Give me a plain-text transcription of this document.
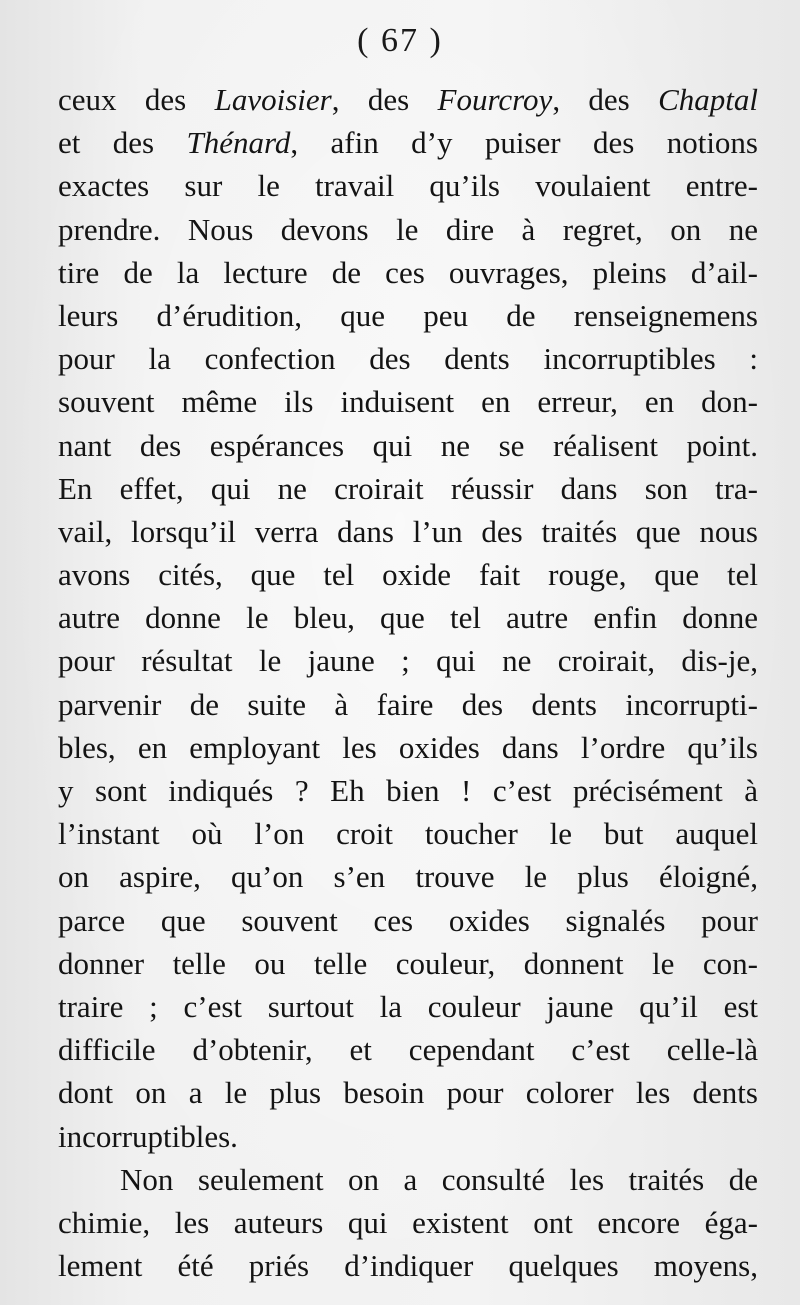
( 67 )
ceux des Lavoisier, des Fourcroy, des Chaptal
et des Thénard, afin d’y puiser des notions
exactes sur le travail qu’ils voulaient entre-
prendre. Nous devons le dire à regret, on ne
tire de la lecture de ces ouvrages, pleins d’ail-
leurs d’érudition, que peu de renseignemens
pour la confection des dents incorruptibles :
souvent même ils induisent en erreur, en don-
nant des espérances qui ne se réalisent point.
En effet, qui ne croirait réussir dans son tra-
vail, lorsqu’il verra dans l’un des traités que nous
avons cités, que tel oxide fait rouge, que tel
autre donne le bleu, que tel autre enfin donne
pour résultat le jaune ; qui ne croirait, dis-je,
parvenir de suite à faire des dents incorrupti-
bles, en employant les oxides dans l’ordre qu’ils
y sont indiqués ? Eh bien ! c’est précisément à
l’instant où l’on croit toucher le but auquel
on aspire, qu’on s’en trouve le plus éloigné,
parce que souvent ces oxides signalés pour
donner telle ou telle couleur, donnent le con-
traire ; c’est surtout la couleur jaune qu’il est
difficile d’obtenir, et cependant c’est celle-là
dont on a le plus besoin pour colorer les dents
incorruptibles.
Non seulement on a consulté les traités de
chimie, les auteurs qui existent ont encore éga-
lement été priés d’indiquer quelques moyens,
